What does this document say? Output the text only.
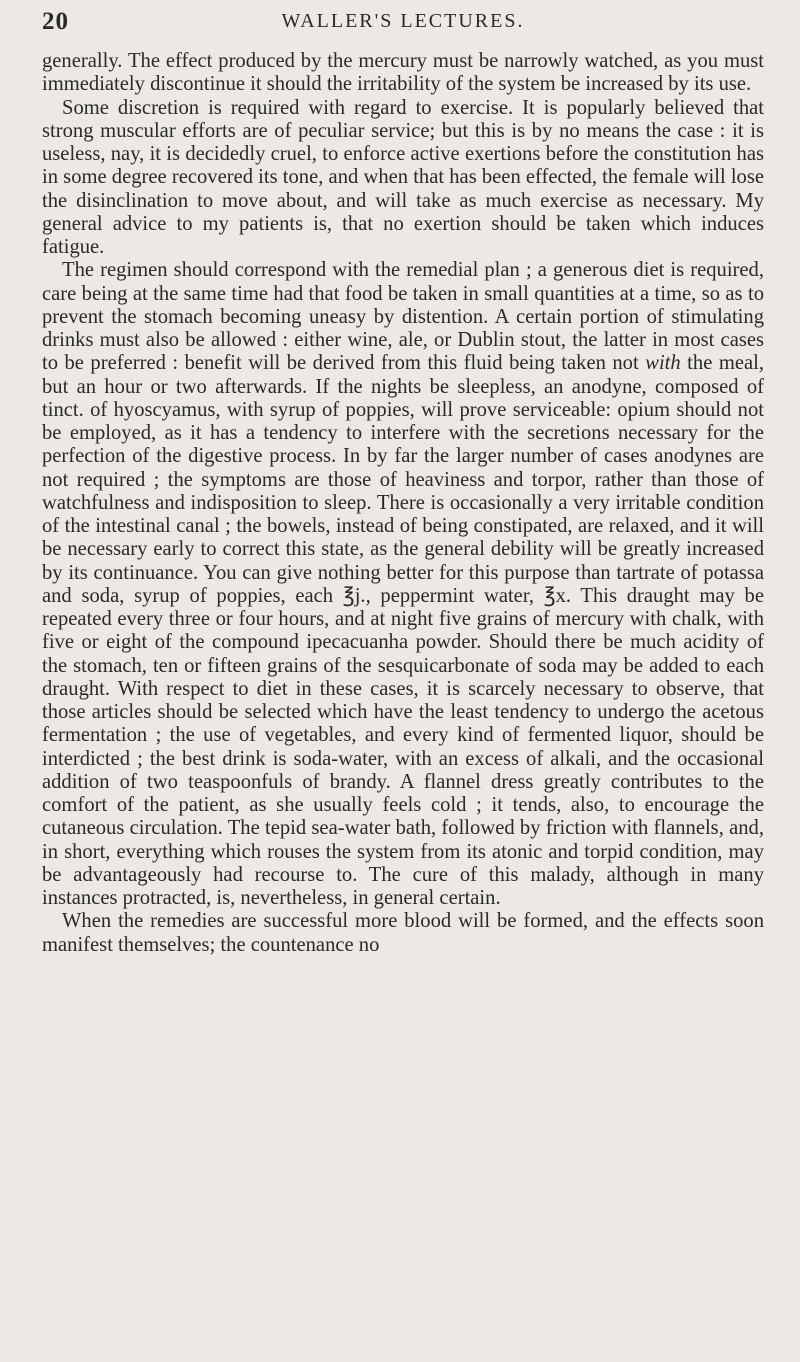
20	WALLER'S LECTURES.

generally. The effect produced by the mercury must be narrowly watched, as you must immediately discontinue it should the irritability of the system be increased by its use.

Some discretion is required with regard to exercise. It is popularly believed that strong muscular efforts are of peculiar service; but this is by no means the case : it is useless, nay, it is decidedly cruel, to enforce active exertions before the constitution has in some degree recovered its tone, and when that has been effected, the female will lose the disinclination to move about, and will take as much exercise as necessary. My general advice to my patients is, that no exertion should be taken which induces fatigue.

The regimen should correspond with the remedial plan ; a generous diet is required, care being at the same time had that food be taken in small quantities at a time, so as to prevent the stomach becoming uneasy by distention. A certain portion of stimulating drinks must also be allowed : either wine, ale, or Dublin stout, the latter in most cases to be preferred : benefit will be derived from this fluid being taken not with the meal, but an hour or two afterwards. If the nights be sleepless, an anodyne, composed of tinct. of hyoscyamus, with syrup of poppies, will prove serviceable: opium should not be employed, as it has a tendency to interfere with the secretions necessary for the perfection of the digestive process. In by far the larger number of cases anodynes are not required ; the symptoms are those of heaviness and torpor, rather than those of watchfulness and indisposition to sleep. There is occasionally a very irritable condition of the intestinal canal ; the bowels, instead of being constipated, are relaxed, and it will be necessary early to correct this state, as the general debility will be greatly increased by its continuance. You can give nothing better for this purpose than tartrate of potassa and soda, syrup of poppies, each ℥j., peppermint water, ℥x. This draught may be repeated every three or four hours, and at night five grains of mercury with chalk, with five or eight of the compound ipecacuanha powder. Should there be much acidity of the stomach, ten or fifteen grains of the sesquicarbonate of soda may be added to each draught. With respect to diet in these cases, it is scarcely necessary to observe, that those articles should be selected which have the least tendency to undergo the acetous fermentation ; the use of vegetables, and every kind of fermented liquor, should be interdicted ; the best drink is soda-water, with an excess of alkali, and the occasional addition of two teaspoonfuls of brandy. A flannel dress greatly contributes to the comfort of the patient, as she usually feels cold ; it tends, also, to encourage the cutaneous circulation. The tepid sea-water bath, followed by friction with flannels, and, in short, everything which rouses the system from its atonic and torpid condition, may be advantageously had recourse to. The cure of this malady, although in many instances protracted, is, nevertheless, in general certain.

When the remedies are successful more blood will be formed, and the effects soon manifest themselves; the countenance no
